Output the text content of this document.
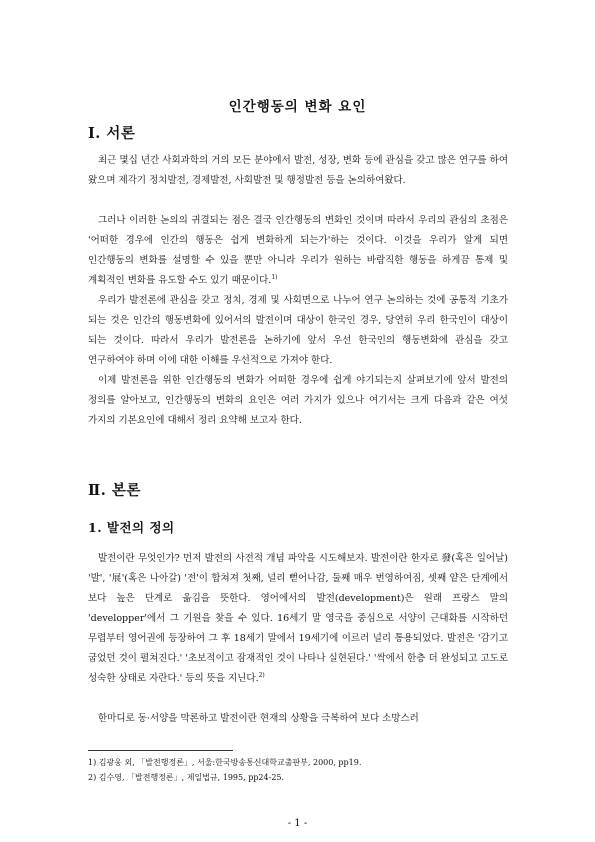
인간행동의 변화 요인
Ⅰ. 서론

최근 몇십 년간 사회과학의 거의 모든 분야에서 발전, 성장, 변화 등에 관심을 갖고 많은 연구를 하여 왔으며 제각기 정치발전, 경제발전, 사회발전 및 행정발전 등을 논의하여왔다.

그러나 이러한 논의의 귀결되는 점은 결국 인간행동의 변화인 것이며 따라서 우리의 관심의 초점은 '어떠한 경우에 인간의 행동은 쉽게 변화하게 되는가'하는 것이다. 이것을 우리가 알게 되면 인간행동의 변화를 설명할 수 있을 뿐만 아니라 우리가 원하는 바람직한 행동을 하게끔 통제 및 계획적인 변화를 유도할 수도 있기 때문이다.$^{1)}$

우리가 발전론에 관심을 갖고 정치, 경제 및 사회면으로 나누어 연구 논의하는 것에 공통적 기초가 되는 것은 인간의 행동변화에 있어서의 발전이며 대상이 한국인 경우, 당연히 우리 한국인이 대상이 되는 것이다. 따라서 우리가 발전론을 논하기에 앞서 우선 한국인의 행동변화에 관심을 갖고 연구하여야 하며 이에 대한 이해를 우선적으로 가져야 한다.

이제 발전론을 위한 인간행동의 변화가 어떠한 경우에 쉽게 야기되는지 살펴보기에 앞서 발전의 정의를 알아보고, 인간행동의 변화의 요인은 여러 가지가 있으나 여기서는 크게 다음과 같은 여섯 가지의 기본요인에 대해서 정리 요약해 보고자 한다.

Ⅱ. 본론
1. 발전의 정의

발전이란 무엇인가? 먼저 발전의 사전적 개념 파악을 시도해보자. 발전이란 한자로 發(혹은 일어날) '발', '展'(혹은 나아갈) '전'이 합쳐져 첫째, 널리 뻗어나감, 둘째 매우 번영하여짐, 셋째 얕은 단계에서 보다 높은 단계로 옮김을 뜻한다. 영어에서의 발전(development)은 원래 프랑스 말의 'developper'에서 그 기원을 찾을 수 있다. 16세기 말 영국을 중심으로 서양이 근대화를 시작하던 무렵부터 영어권에 등장하여 그 후 18세기 말에서 19세기에 이르러 널리 통용되었다. 발전은 '감기고 굽었던 것이 펼쳐진다.' '초보적이고 잠재적인 것이 나타나 실현된다.' '싹에서 한층 더 완성되고 고도로 성숙한 상태로 자란다.' 등의 뜻을 지닌다.$^{2)}$

한마디로 동·서양을 막론하고 발전이란 현재의 상황을 극복하여 보다 소망스러

1) 김광웅 외, 「발전행정론」, 서울:한국방송통신대학교출판부, 2000, pp19.

2) 김수영, 「발전행정론」, 제일법규, 1995, pp24-25.

- 1 -
